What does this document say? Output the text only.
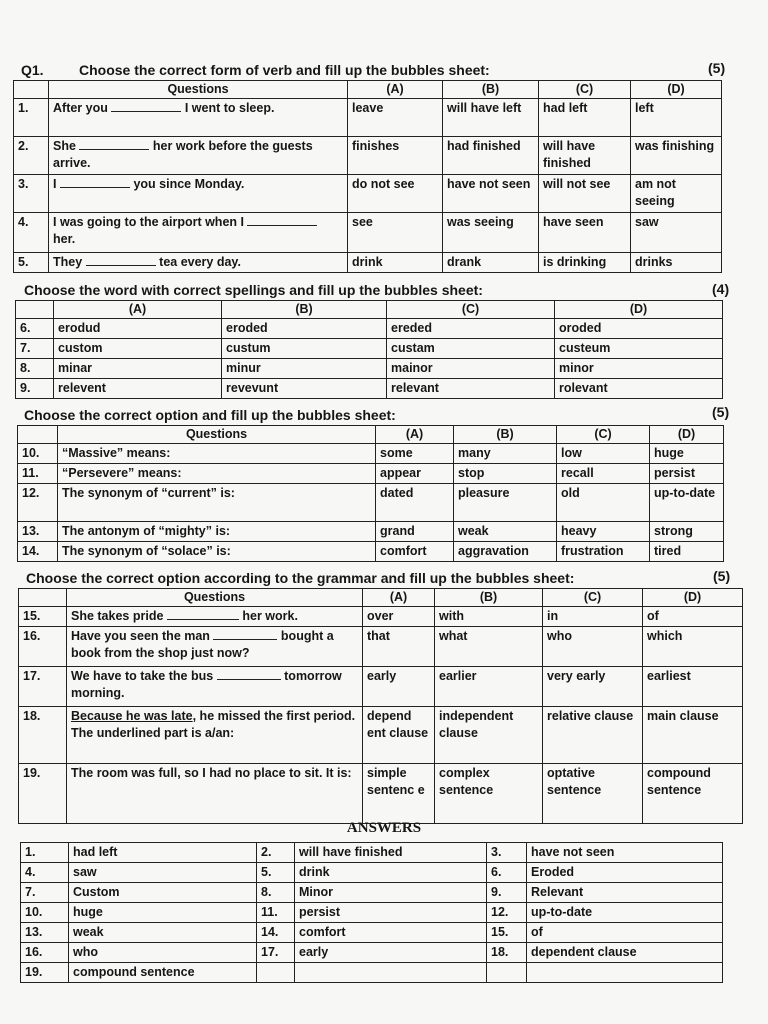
Q1.	Choose the correct form of verb and fill up the bubbles sheet:	(5)
	Questions	(A)	(B)	(C)	(D)
1.	After you I went to sleep.	leave	will have left	had left	left
2.	She her work before the guests arrive.	finishes	had finished	will have finished	was finishing
3.	I you since Monday.	do not see	have not seen	will not see	am not seeing
4.	I was going to the airport when I  her.	see	was seeing	have seen	saw
5.	They tea every day.	drink	drank	is drinking	drinks
Choose the word with correct spellings and fill up the bubbles sheet:	(4)
	(A)	(B)	(C)	(D)
6.	erodud	eroded	ereded	oroded
7.	custom	custum	custam	custeum
8.	minar	minur	mainor	minor
9.	relevent	revevunt	relevant	rolevant
Choose the correct option and fill up the bubbles sheet:	(5)
	Questions	(A)	(B)	(C)	(D)
10.	“Massive” means:	some	many	low	huge
11.	“Persevere” means:	appear	stop	recall	persist
12.	The synonym of “current” is:	dated	pleasure	old	up-to-date
13.	The antonym of “mighty” is:	grand	weak	heavy	strong
14.	The synonym of “solace” is:	comfort	aggravation	frustration	tired
Choose the correct option according to the grammar and fill up the bubbles sheet:	(5)
	Questions	(A)	(B)	(C)	(D)
15.	She takes pride her work.	over	with	in	of
16.	Have you seen the man bought a book from the shop just now?	that	what	who	which
17.	We have to take the bus tomorrow morning.	early	earlier	very early	earliest
18.	Because he was late, he missed the first period. The underlined part is a/an:	depend ent clause	independent clause	relative clause	main clause
19.	The room was full, so I had no place to sit. It is:	simple sentenc e	complex sentence	optative sentence	compound sentence
ANSWERS
1.	had left	2.	will have finished	3.	have not seen
4.	saw	5.	drink	6.	Eroded
7.	Custom	8.	Minor	9.	Relevant
10.	huge	11.	persist	12.	up-to-date
13.	weak	14.	comfort	15.	of
16.	who	17.	early	18.	dependent clause
19.	compound sentence				
